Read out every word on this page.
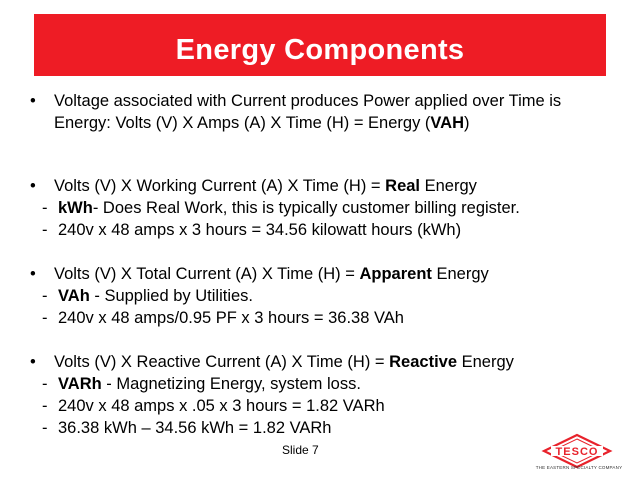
Energy Components
• Voltage associated with Current produces Power applied over Time is
Energy: Volts (V) X Amps (A) X Time (H) = Energy (VAH)
• Volts (V) X Working Current (A) X Time (H) = Real Energy
- kWh- Does Real Work, this is typically customer billing register.
- 240v x 48 amps x 3 hours = 34.56 kilowatt hours (kWh)
• Volts (V) X Total Current (A) X Time (H) = Apparent Energy
- VAh - Supplied by Utilities.
- 240v x 48 amps/0.95 PF x 3 hours = 36.38 VAh
• Volts (V) X Reactive Current (A) X Time (H) = Reactive Energy
- VARh - Magnetizing Energy, system loss.
- 240v x 48 amps x .05 x 3 hours = 1.82 VARh
- 36.38 kWh – 34.56 kWh = 1.82 VARh
Slide 7	TESCO
THE EASTERN SPECIALTY COMPANY
